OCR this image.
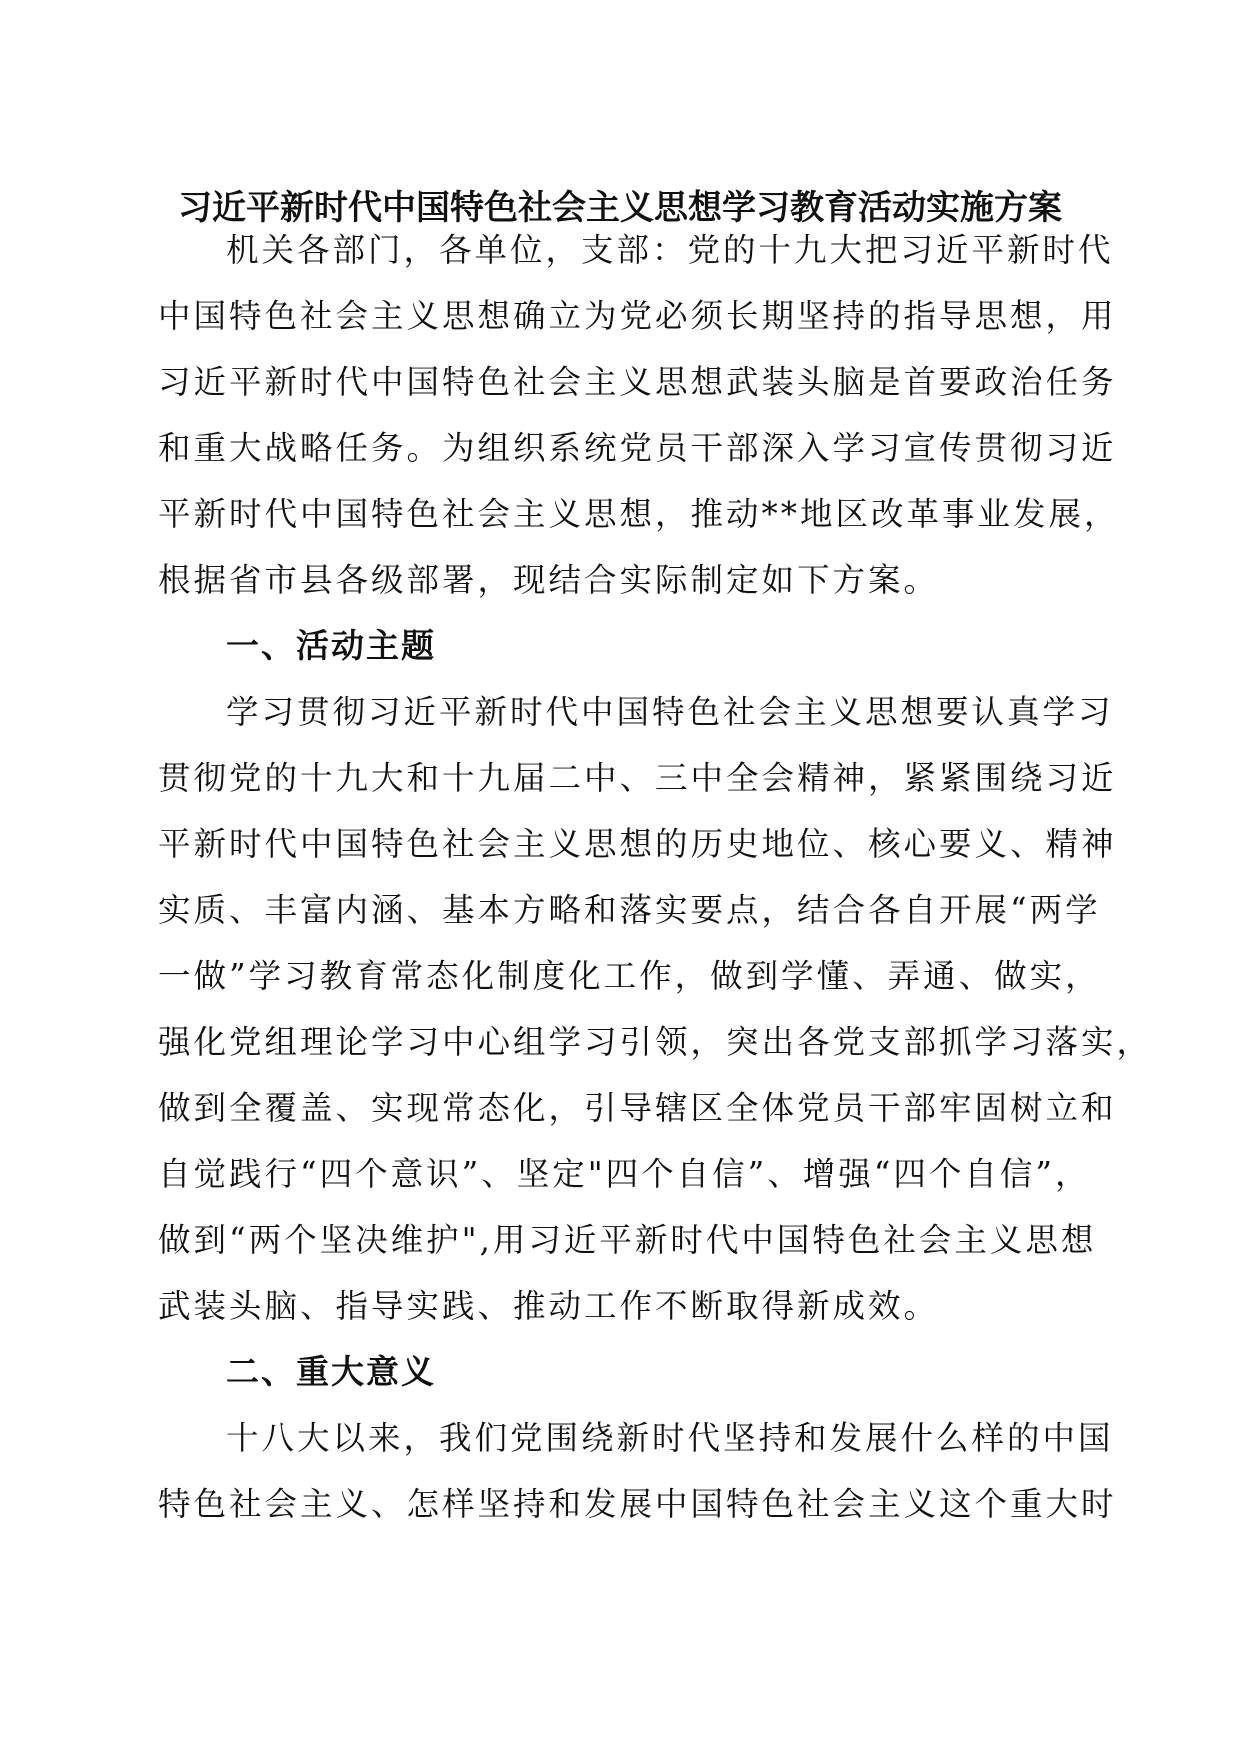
习近平新时代中国特色社会主义思想学习教育活动实施方案
机关各部门，各单位，支部：党的十九大把习近平新时代
中国特色社会主义思想确立为党必须长期坚持的指导思想，用
习近平新时代中国特色社会主义思想武装头脑是首要政治任务
和重大战略任务。为组织系统党员干部深入学习宣传贯彻习近
平新时代中国特色社会主义思想，推动**地区改革事业发展，
根据省市县各级部署，现结合实际制定如下方案。
一、活动主题
学习贯彻习近平新时代中国特色社会主义思想要认真学习
贯彻党的十九大和十九届二中、三中全会精神，紧紧围绕习近
平新时代中国特色社会主义思想的历史地位、核心要义、精神
实质、丰富内涵、基本方略和落实要点，结合各自开展“两学
一做”学习教育常态化制度化工作，做到学懂、弄通、做实，
强化党组理论学习中心组学习引领，突出各党支部抓学习落实，
做到全覆盖、实现常态化，引导辖区全体党员干部牢固树立和
自觉践行“四个意识”、坚定"四个自信”、增强“四个自信”，
做到“两个坚决维护",用习近平新时代中国特色社会主义思想
武装头脑、指导实践、推动工作不断取得新成效。
二、重大意义
十八大以来，我们党围绕新时代坚持和发展什么样的中国
特色社会主义、怎样坚持和发展中国特色社会主义这个重大时
